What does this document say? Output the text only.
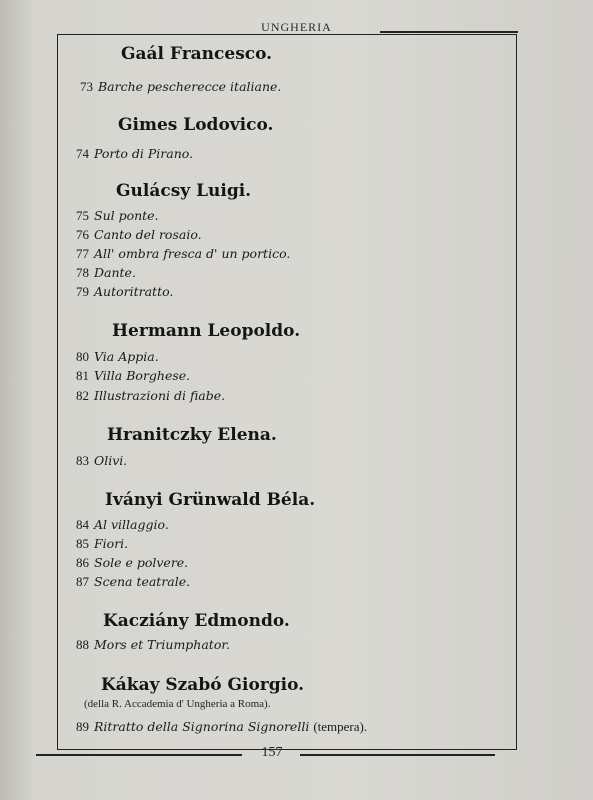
UNGHERIA
Gaál Francesco.
73 Barche pescherecce italiane.
Gimes Lodovico.
74 Porto di Pirano.
Gulácsy Luigi.
75 Sul ponte.
76 Canto del rosaio.
77 All' ombra fresca d' un portico.
78 Dante.
79 Autoritratto.
Hermann Leopoldo.
80 Via Appia.
81 Villa Borghese.
82 Illustrazioni di fiabe.
Hranitczky Elena.
83 Olivi.
Iványi Grünwald Béla.
84 Al villaggio.
85 Fiori.
86 Sole e polvere.
87 Scena teatrale.
Kacziány Edmondo.
88 Mors et Triumphator.
Kákay Szabó Giorgio.
(della R. Accademia d' Ungheria a Roma).
89 Ritratto della Signorina Signorelli (tempera).
157
